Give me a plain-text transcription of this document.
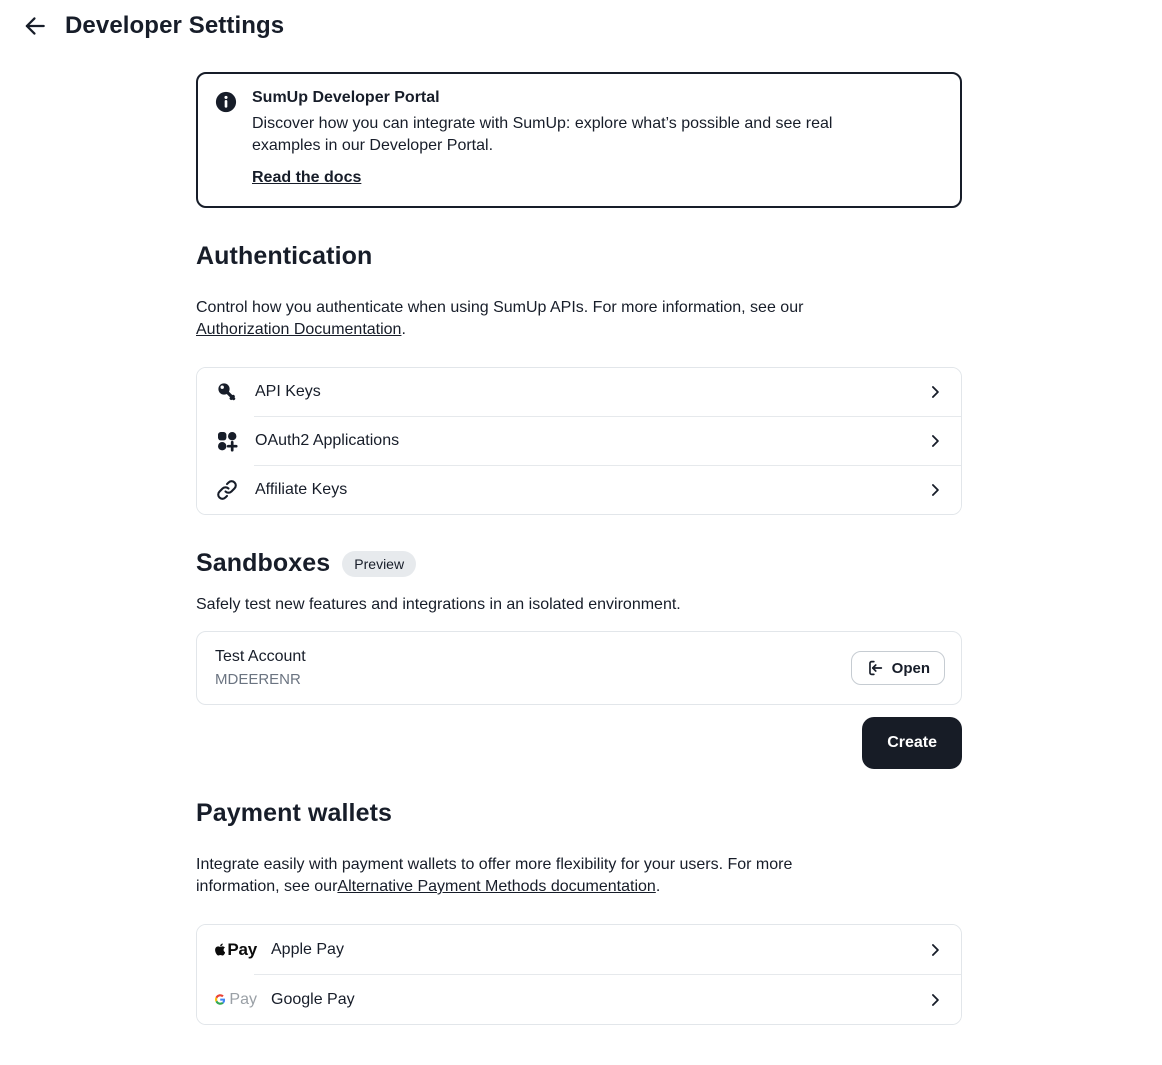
Developer Settings
SumUp Developer Portal
Discover how you can integrate with SumUp: explore what’s possible and see real examples in our Developer Portal.
Read the docs
Authentication

Control how you authenticate when using SumUp APIs. For more information, see our Authorization Documentation.

API Keys
OAuth2 Applications
Affiliate Keys
Sandboxes	Preview

Safely test new features and integrations in an isolated environment.

Test Account
MDEERENR
Open
Create
Payment wallets

Integrate easily with payment wallets to offer more flexibility for your users. For more information, see ourAlternative Payment Methods documentation.

Pay Apple Pay
Pay Google Pay
